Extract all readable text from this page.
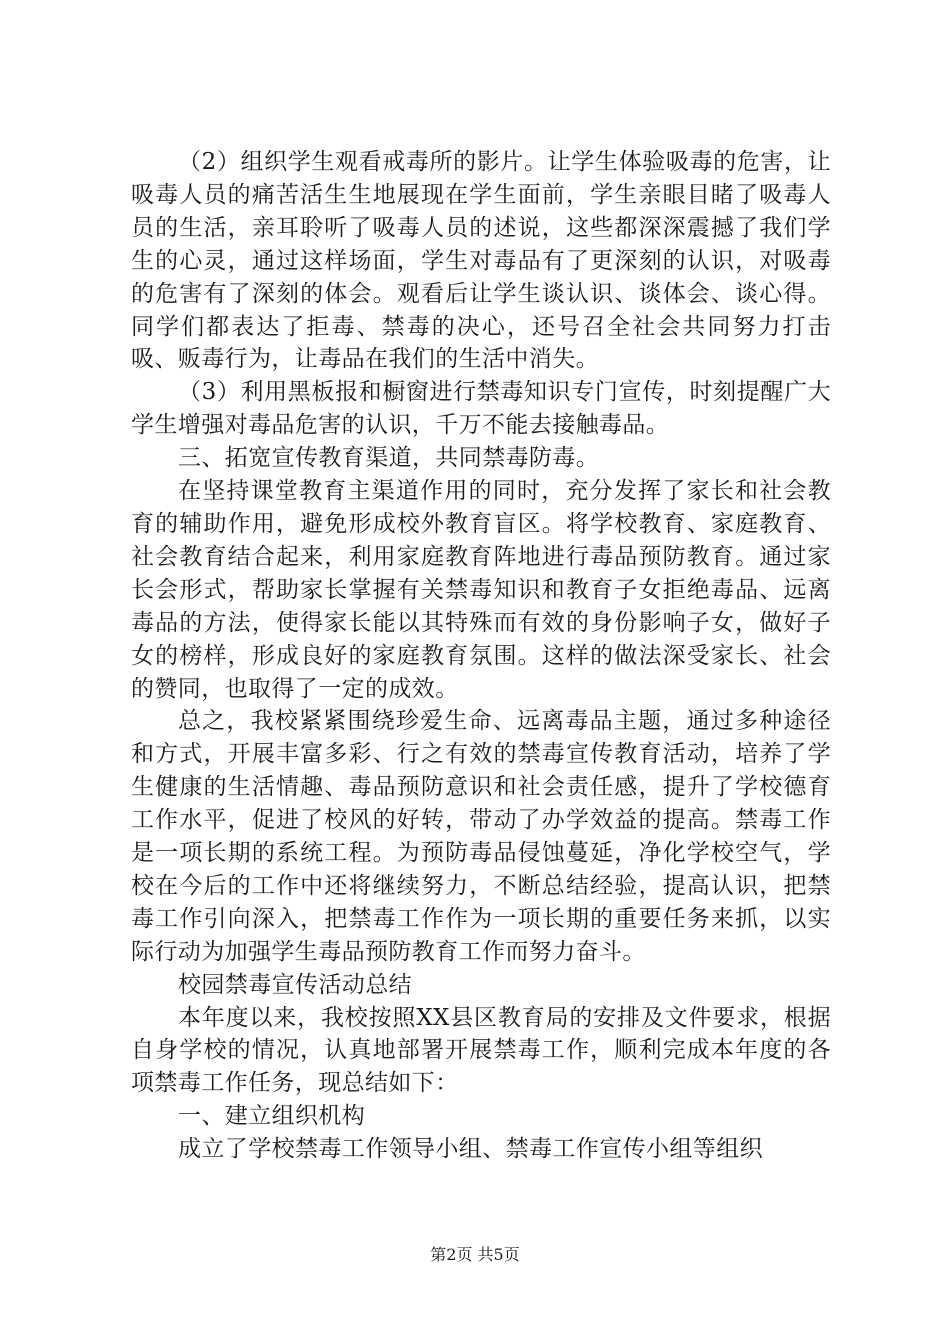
（2）组织学生观看戒毒所的影片。让学生体验吸毒的危害，让吸毒人员的痛苦活生生地展现在学生面前，学生亲眼目睹了吸毒人员的生活，亲耳聆听了吸毒人员的述说，这些都深深震撼了我们学生的心灵，通过这样场面，学生对毒品有了更深刻的认识，对吸毒的危害有了深刻的体会。观看后让学生谈认识、谈体会、谈心得。同学们都表达了拒毒、禁毒的决心，还号召全社会共同努力打击吸、贩毒行为，让毒品在我们的生活中消失。

（3）利用黑板报和橱窗进行禁毒知识专门宣传，时刻提醒广大学生增强对毒品危害的认识，千万不能去接触毒品。

三、拓宽宣传教育渠道，共同禁毒防毒。

在坚持课堂教育主渠道作用的同时，充分发挥了家长和社会教育的辅助作用，避免形成校外教育盲区。将学校教育、家庭教育、社会教育结合起来，利用家庭教育阵地进行毒品预防教育。通过家长会形式，帮助家长掌握有关禁毒知识和教育子女拒绝毒品、远离毒品的方法，使得家长能以其特殊而有效的身份影响子女，做好子女的榜样，形成良好的家庭教育氛围。这样的做法深受家长、社会的赞同，也取得了一定的成效。

总之，我校紧紧围绕珍爱生命、远离毒品主题，通过多种途径和方式，开展丰富多彩、行之有效的禁毒宣传教育活动，培养了学生健康的生活情趣、毒品预防意识和社会责任感，提升了学校德育工作水平，促进了校风的好转，带动了办学效益的提高。禁毒工作是一项长期的系统工程。为预防毒品侵蚀蔓延，净化学校空气，学校在今后的工作中还将继续努力，不断总结经验，提高认识，把禁毒工作引向深入，把禁毒工作作为一项长期的重要任务来抓，以实际行动为加强学生毒品预防教育工作而努力奋斗。

校园禁毒宣传活动总结

本年度以来，我校按照XX县区教育局的安排及文件要求，根据自身学校的情况，认真地部署开展禁毒工作，顺利完成本年度的各项禁毒工作任务，现总结如下：

一、建立组织机构

成立了学校禁毒工作领导小组、禁毒工作宣传小组等组织

第2页 共5页
